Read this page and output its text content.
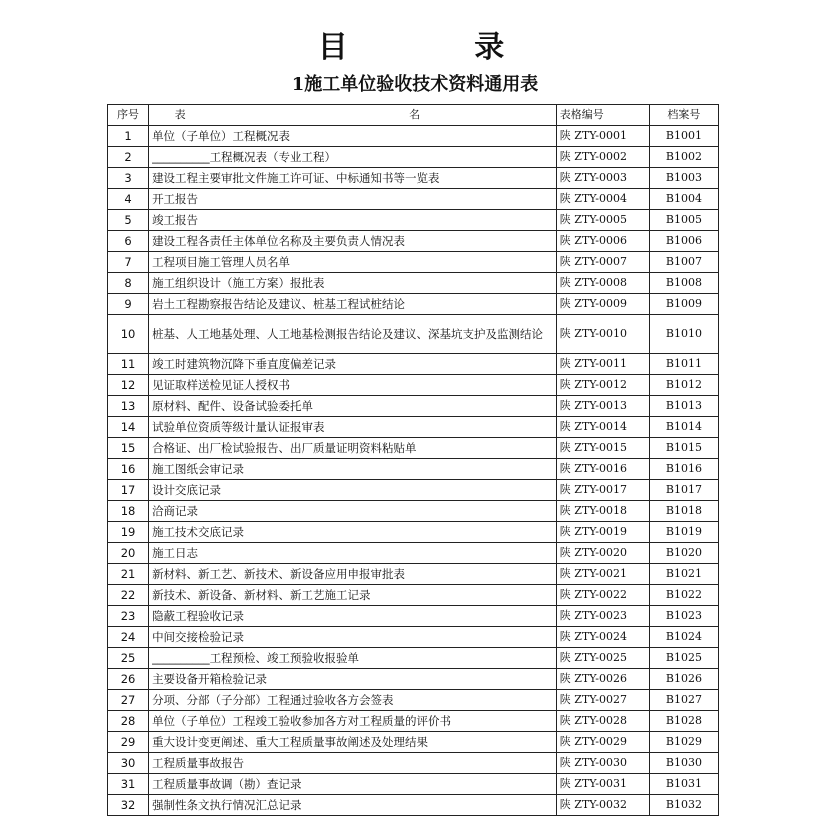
目 录
1施工单位验收技术资料通用表
序号	表 名	表格编号	档案号
1	单位（子单位）工程概况表	陕 ZTY-0001	B1001
2	__________工程概况表（专业工程）	陕 ZTY-0002	B1002
3	建设工程主要审批文件施工许可证、中标通知书等一览表	陕 ZTY-0003	B1003
4	开工报告	陕 ZTY-0004	B1004
5	竣工报告	陕 ZTY-0005	B1005
6	建设工程各责任主体单位名称及主要负责人情况表	陕 ZTY-0006	B1006
7	工程项目施工管理人员名单	陕 ZTY-0007	B1007
8	施工组织设计（施工方案）报批表	陕 ZTY-0008	B1008
9	岩土工程勘察报告结论及建议、桩基工程试桩结论	陕 ZTY-0009	B1009
10	桩基、人工地基处理、人工地基检测报告结论及建议、深基坑支护及监测结论	陕 ZTY-0010	B1010
11	竣工时建筑物沉降下垂直度偏差记录	陕 ZTY-0011	B1011
12	见证取样送检见证人授权书	陕 ZTY-0012	B1012
13	原材料、配件、设备试验委托单	陕 ZTY-0013	B1013
14	试验单位资质等级计量认证报审表	陕 ZTY-0014	B1014
15	合格证、出厂检试验报告、出厂质量证明资料粘贴单	陕 ZTY-0015	B1015
16	施工图纸会审记录	陕 ZTY-0016	B1016
17	设计交底记录	陕 ZTY-0017	B1017
18	洽商记录	陕 ZTY-0018	B1018
19	施工技术交底记录	陕 ZTY-0019	B1019
20	施工日志	陕 ZTY-0020	B1020
21	新材料、新工艺、新技术、新设备应用申报审批表	陕 ZTY-0021	B1021
22	新技术、新设备、新材料、新工艺施工记录	陕 ZTY-0022	B1022
23	隐蔽工程验收记录	陕 ZTY-0023	B1023
24	中间交接检验记录	陕 ZTY-0024	B1024
25	__________工程预检、竣工预验收报验单	陕 ZTY-0025	B1025
26	主要设备开箱检验记录	陕 ZTY-0026	B1026
27	分项、分部（子分部）工程通过验收各方会签表	陕 ZTY-0027	B1027
28	单位（子单位）工程竣工验收参加各方对工程质量的评价书	陕 ZTY-0028	B1028
29	重大设计变更阐述、重大工程质量事故阐述及处理结果	陕 ZTY-0029	B1029
30	工程质量事故报告	陕 ZTY-0030	B1030
31	工程质量事故调（勘）查记录	陕 ZTY-0031	B1031
32	强制性条文执行情况汇总记录	陕 ZTY-0032	B1032
